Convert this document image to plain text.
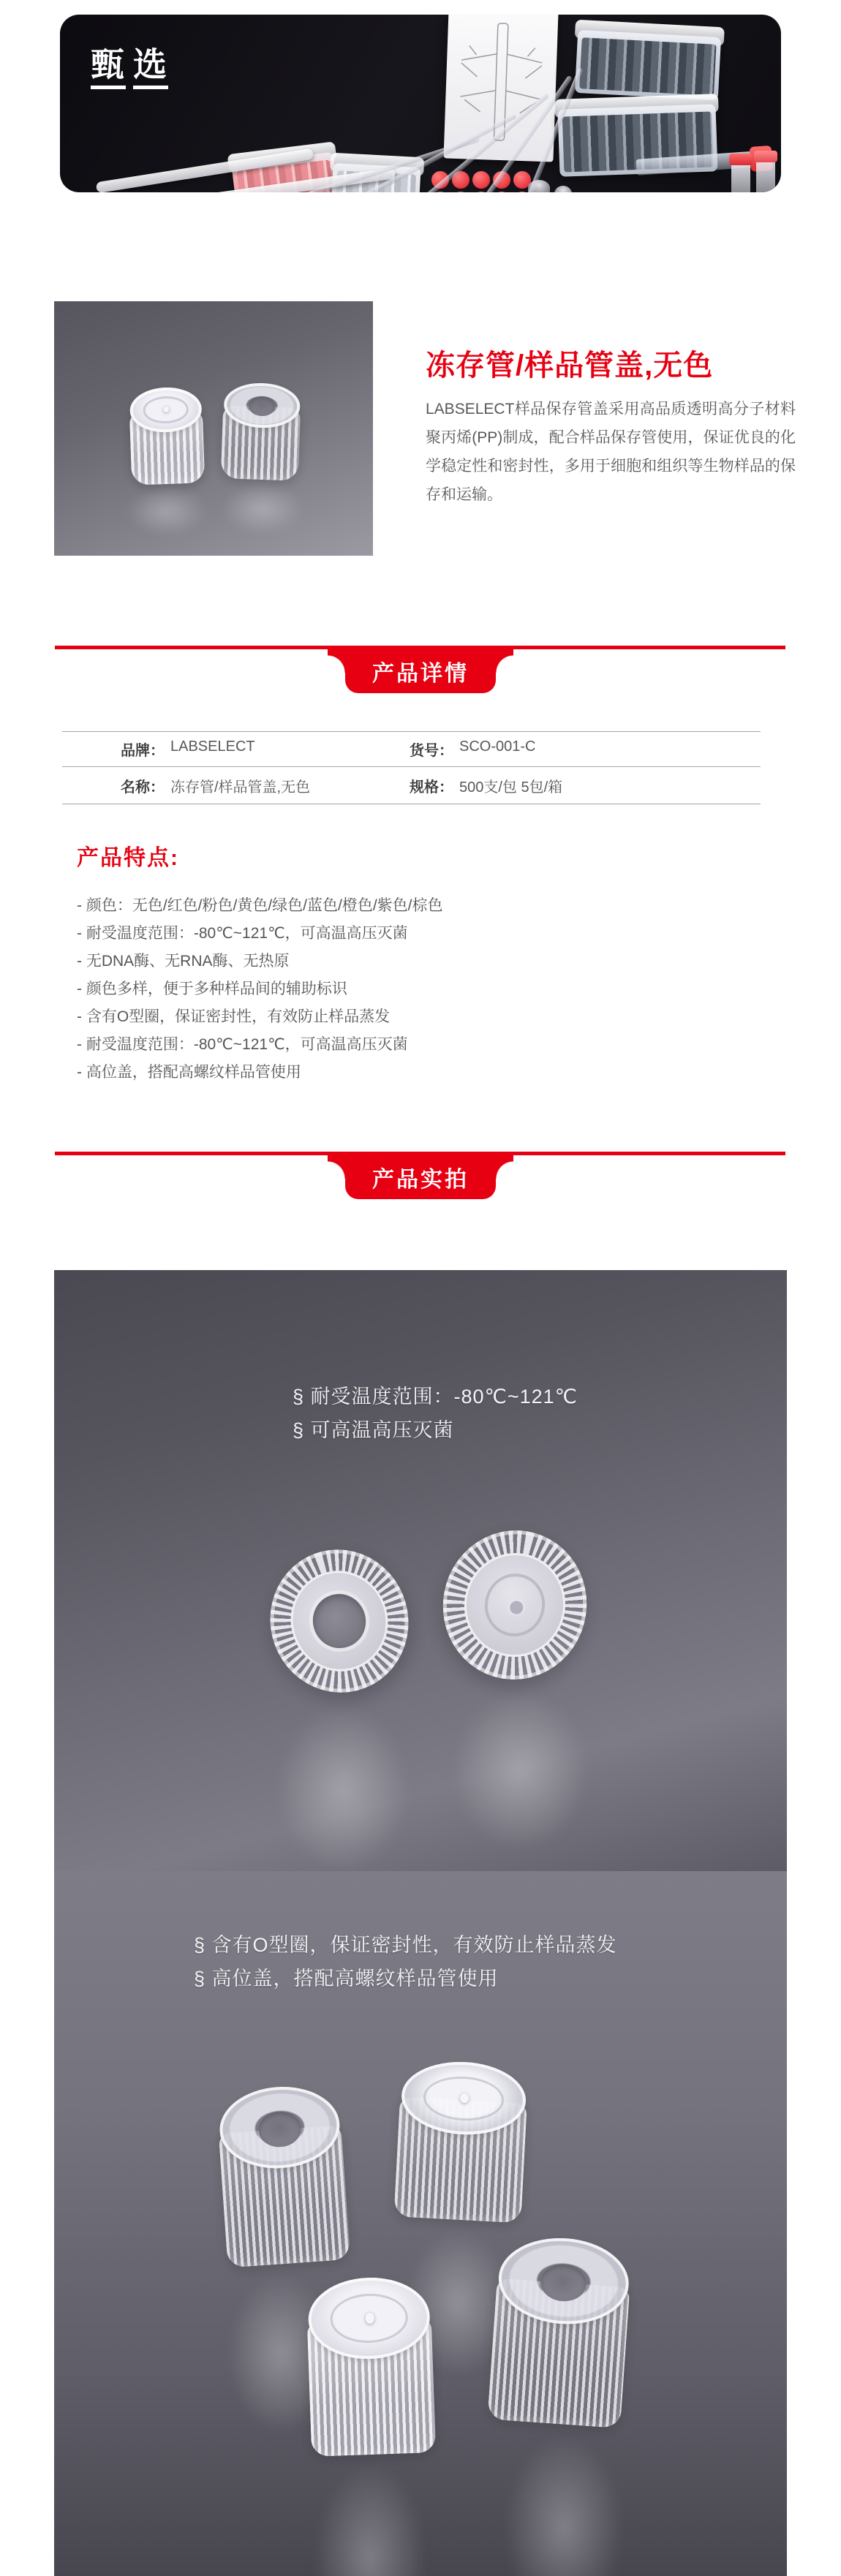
甄 选
冻存管/样品管盖,无色

LABSELECT样品保存管盖采用高品质透明高分子材料聚丙烯(PP)制成，配合样品保存管使用，保证优良的化学稳定性和密封性，多用于细胞和组织等生物样品的保存和运输。

产品详情
品牌： LABSELECT	货号： SCO-001-C
名称： 冻存管/样品管盖,无色	规格： 500支/包 5包/箱
产品特点:
- 颜色：无色/红色/粉色/黄色/绿色/蓝色/橙色/紫色/棕色
- 耐受温度范围：-80℃~121℃，可高温高压灭菌
- 无DNA酶、无RNA酶、无热原
- 颜色多样，便于多种样品间的辅助标识
- 含有O型圈，保证密封性，有效防止样品蒸发
- 耐受温度范围：-80℃~121℃，可高温高压灭菌
- 高位盖，搭配高螺纹样品管使用
产品实拍
§ 耐受温度范围：-80℃~121℃
§ 可高温高压灭菌
§ 含有O型圈，保证密封性，有效防止样品蒸发
§ 高位盖，搭配高螺纹样品管使用
